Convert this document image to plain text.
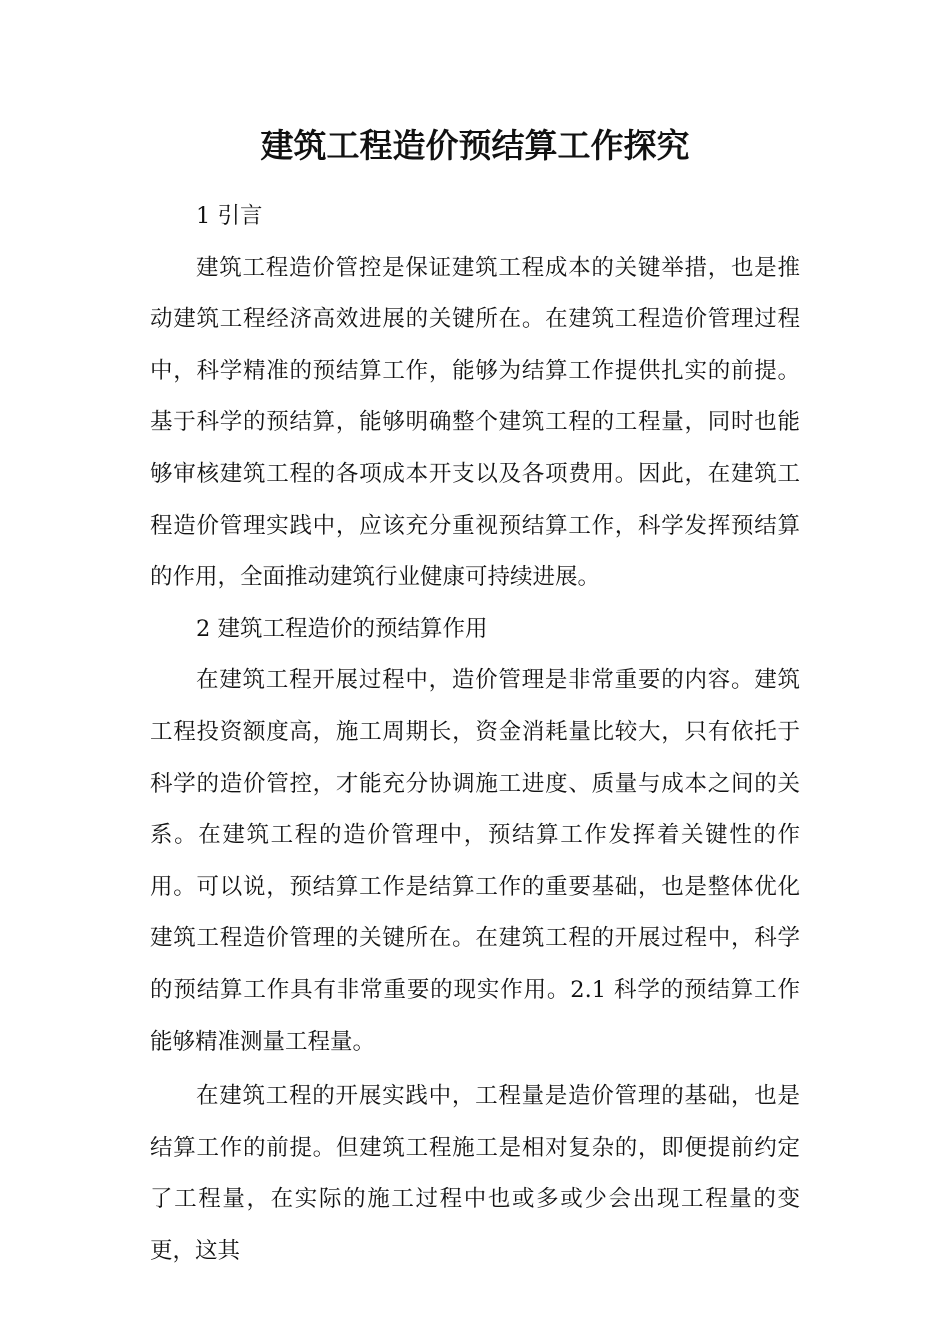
建筑工程造价预结算工作探究

1 引言

建筑工程造价管控是保证建筑工程成本的关键举措，也是推动建筑工程经济高效进展的关键所在。在建筑工程造价管理过程中，科学精准的预结算工作，能够为结算工作提供扎实的前提。基于科学的预结算，能够明确整个建筑工程的工程量，同时也能够审核建筑工程的各项成本开支以及各项费用。因此，在建筑工程造价管理实践中，应该充分重视预结算工作，科学发挥预结算的作用，全面推动建筑行业健康可持续进展。

2 建筑工程造价的预结算作用

在建筑工程开展过程中，造价管理是非常重要的内容。建筑工程投资额度高，施工周期长，资金消耗量比较大，只有依托于科学的造价管控，才能充分协调施工进度、质量与成本之间的关系。在建筑工程的造价管理中，预结算工作发挥着关键性的作用。可以说，预结算工作是结算工作的重要基础，也是整体优化建筑工程造价管理的关键所在。在建筑工程的开展过程中，科学的预结算工作具有非常重要的现实作用。2.1 科学的预结算工作能够精准测量工程量。

在建筑工程的开展实践中，工程量是造价管理的基础，也是结算工作的前提。但建筑工程施工是相对复杂的，即便提前约定了工程量，在实际的施工过程中也或多或少会出现工程量的变更，这其
